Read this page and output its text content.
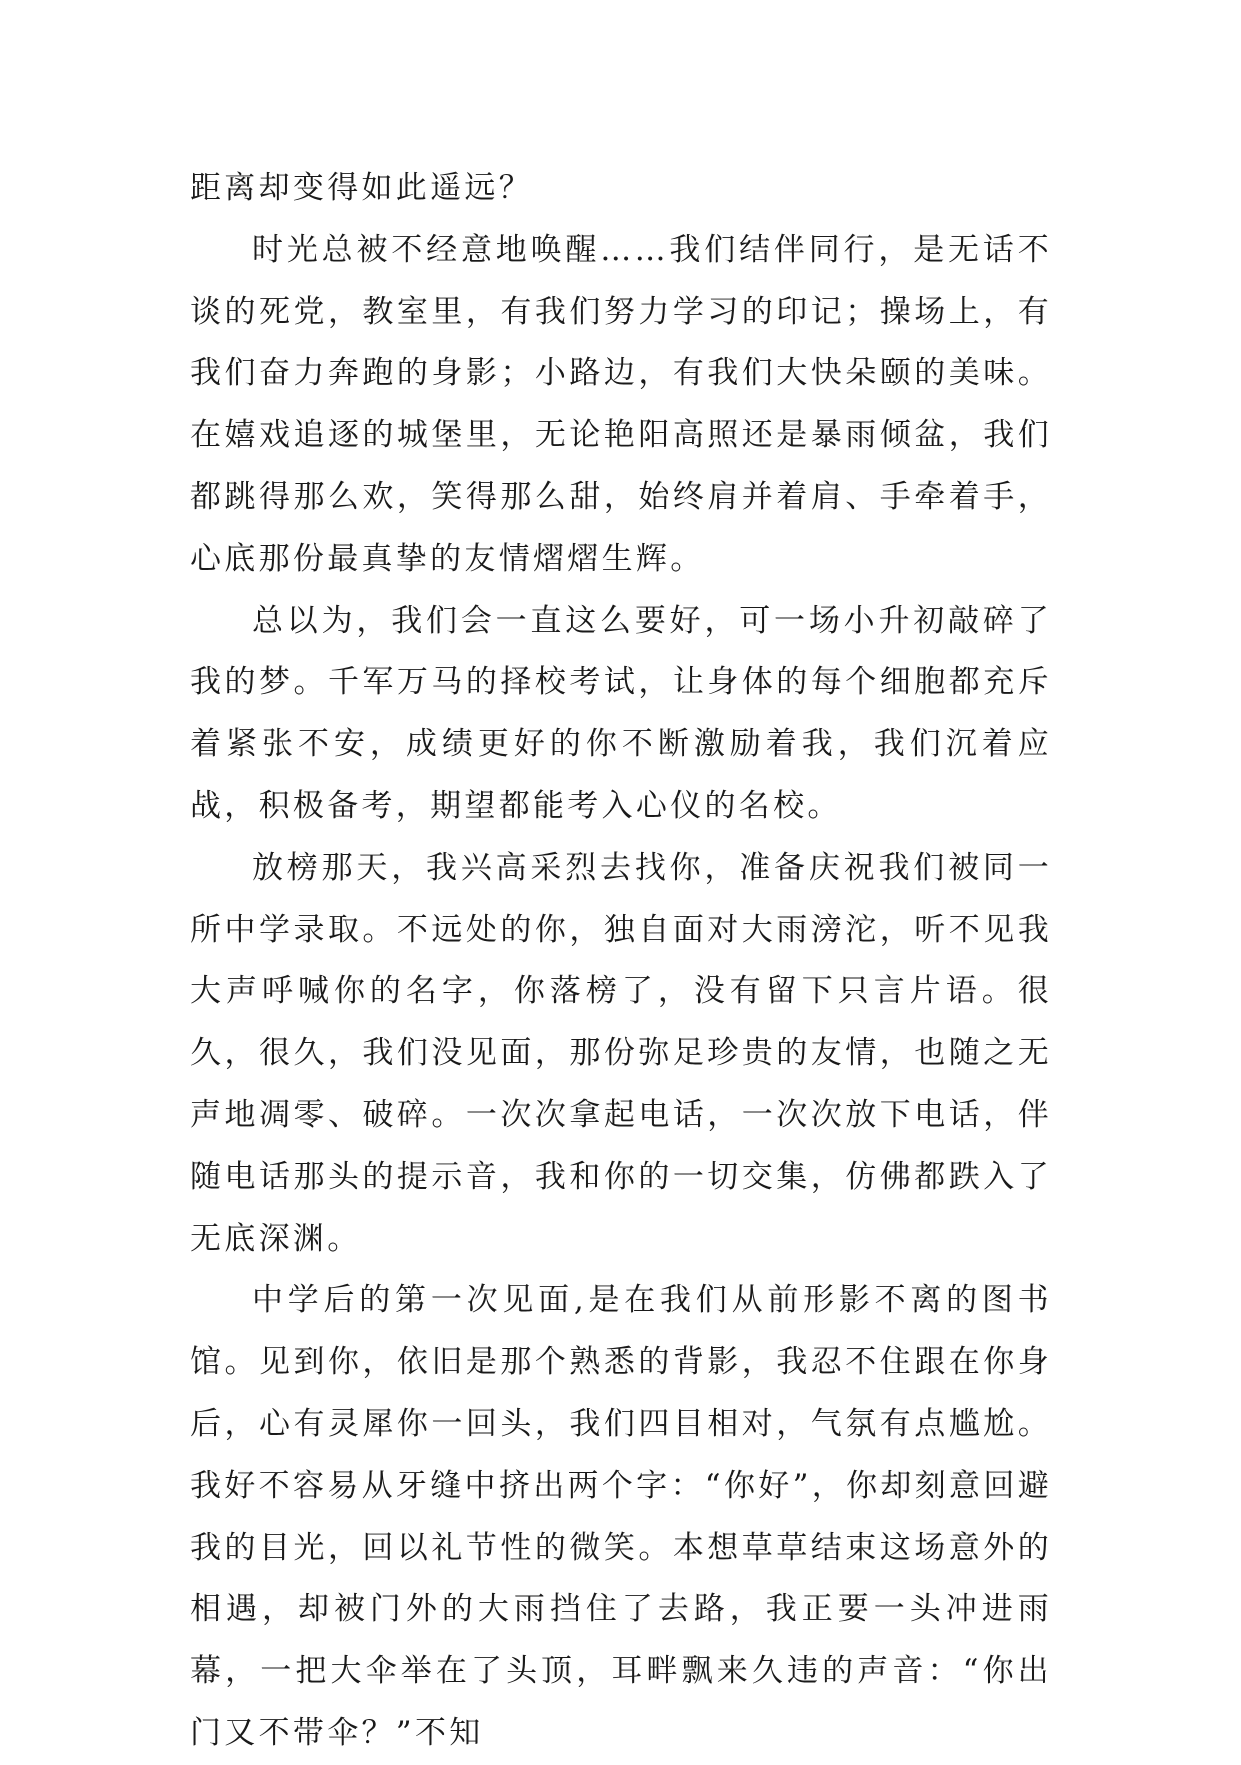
距离却变得如此遥远？

时光总被不经意地唤醒……我们结伴同行，是无话不谈的死党，教室里，有我们努力学习的印记；操场上，有我们奋力奔跑的身影；小路边，有我们大快朵颐的美味。在嬉戏追逐的城堡里，无论艳阳高照还是暴雨倾盆，我们都跳得那么欢，笑得那么甜，始终肩并着肩、手牵着手，心底那份最真挚的友情熠熠生辉。

总以为，我们会一直这么要好，可一场小升初敲碎了我的梦。千军万马的择校考试，让身体的每个细胞都充斥着紧张不安，成绩更好的你不断激励着我，我们沉着应战，积极备考，期望都能考入心仪的名校。

放榜那天，我兴高采烈去找你，准备庆祝我们被同一所中学录取。不远处的你，独自面对大雨滂沱，听不见我大声呼喊你的名字，你落榜了，没有留下只言片语。很久，很久，我们没见面，那份弥足珍贵的友情，也随之无声地凋零、破碎。一次次拿起电话，一次次放下电话，伴随电话那头的提示音，我和你的一切交集，仿佛都跌入了无底深渊。

中学后的第一次见面,是在我们从前形影不离的图书馆。见到你，依旧是那个熟悉的背影，我忍不住跟在你身后，心有灵犀你一回头，我们四目相对，气氛有点尴尬。我好不容易从牙缝中挤出两个字：“你好”，你却刻意回避我的目光，回以礼节性的微笑。本想草草结束这场意外的相遇，却被门外的大雨挡住了去路，我正要一头冲进雨幕，一把大伞举在了头顶，耳畔飘来久违的声音：“你出门又不带伞？”不知
